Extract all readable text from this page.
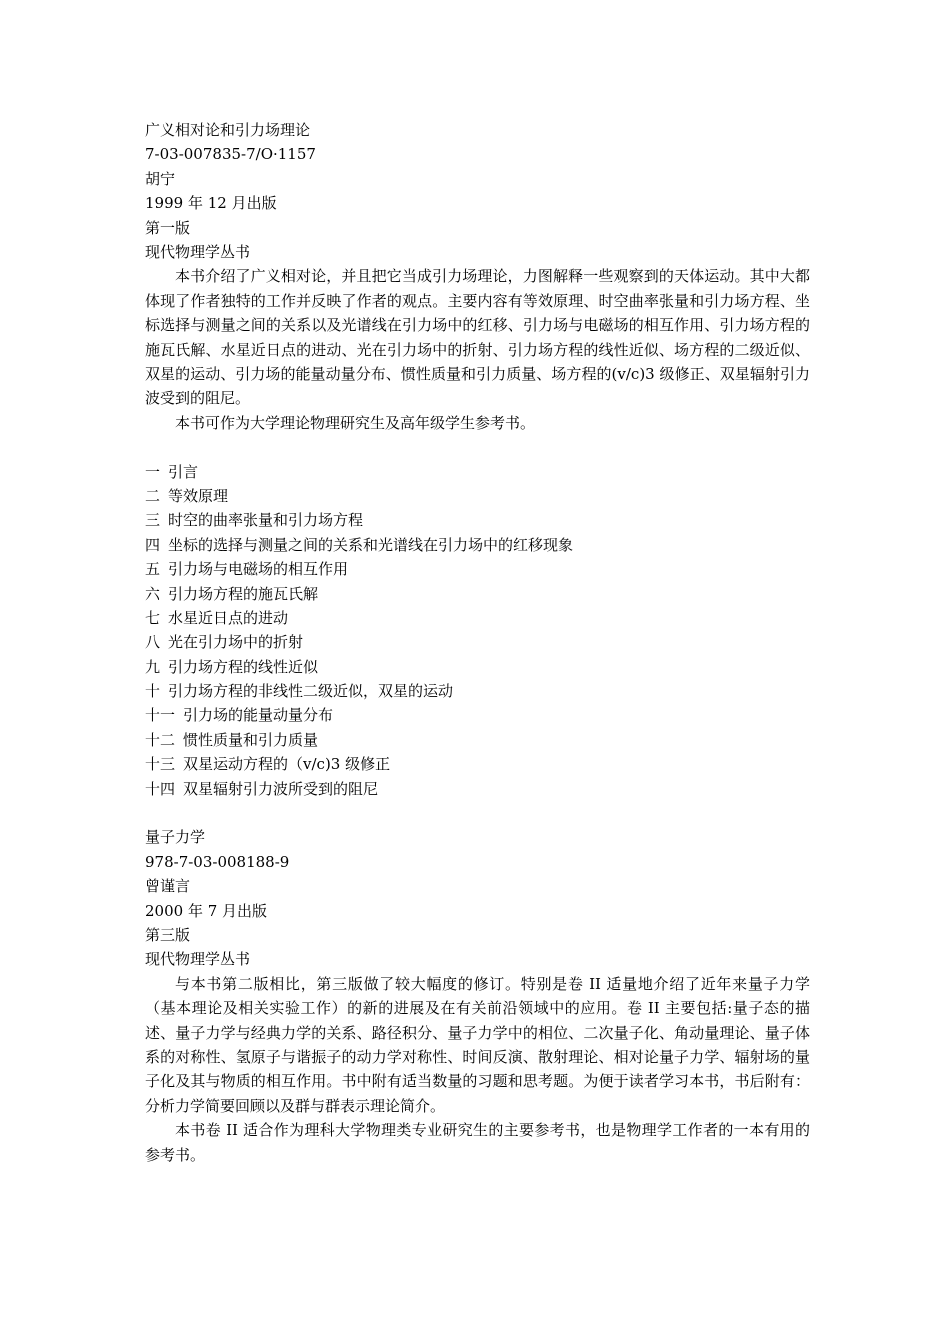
广义相对论和引力场理论
7-03-007835-7/O·1157
胡宁
1999 年 12 月出版
第一版
现代物理学丛书

本书介绍了广义相对论，并且把它当成引力场理论，力图解释一些观察到的天体运动。其中大都体现了作者独特的工作并反映了作者的观点。主要内容有等效原理、时空曲率张量和引力场方程、坐标选择与测量之间的关系以及光谱线在引力场中的红移、引力场与电磁场的相互作用、引力场方程的施瓦氏解、水星近日点的进动、光在引力场中的折射、引力场方程的线性近似、场方程的二级近似、双星的运动、引力场的能量动量分布、惯性质量和引力质量、场方程的(v/c)3 级修正、双星辐射引力波受到的阻尼。

本书可作为大学理论物理研究生及高年级学生参考书。

一 引言
二 等效原理
三 时空的曲率张量和引力场方程
四 坐标的选择与测量之间的关系和光谱线在引力场中的红移现象
五 引力场与电磁场的相互作用
六 引力场方程的施瓦氏解
七 水星近日点的进动
八 光在引力场中的折射
九 引力场方程的线性近似
十 引力场方程的非线性二级近似，双星的运动
十一 引力场的能量动量分布
十二 惯性质量和引力质量
十三 双星运动方程的（v/c)3 级修正
十四 双星辐射引力波所受到的阻尼
量子力学
978-7-03-008188-9
曾谨言
2000 年 7 月出版
第三版
现代物理学丛书

与本书第二版相比，第三版做了较大幅度的修订。特别是卷 II 适量地介绍了近年来量子力学（基本理论及相关实验工作）的新的进展及在有关前沿领域中的应用。卷 II 主要包括:量子态的描述、量子力学与经典力学的关系、路径积分、量子力学中的相位、二次量子化、角动量理论、量子体系的对称性、氢原子与谐振子的动力学对称性、时间反演、散射理论、相对论量子力学、辐射场的量子化及其与物质的相互作用。书中附有适当数量的习题和思考题。为便于读者学习本书，书后附有：分析力学简要回顾以及群与群表示理论简介。

本书卷 II 适合作为理科大学物理类专业研究生的主要参考书，也是物理学工作者的一本有用的参考书。
